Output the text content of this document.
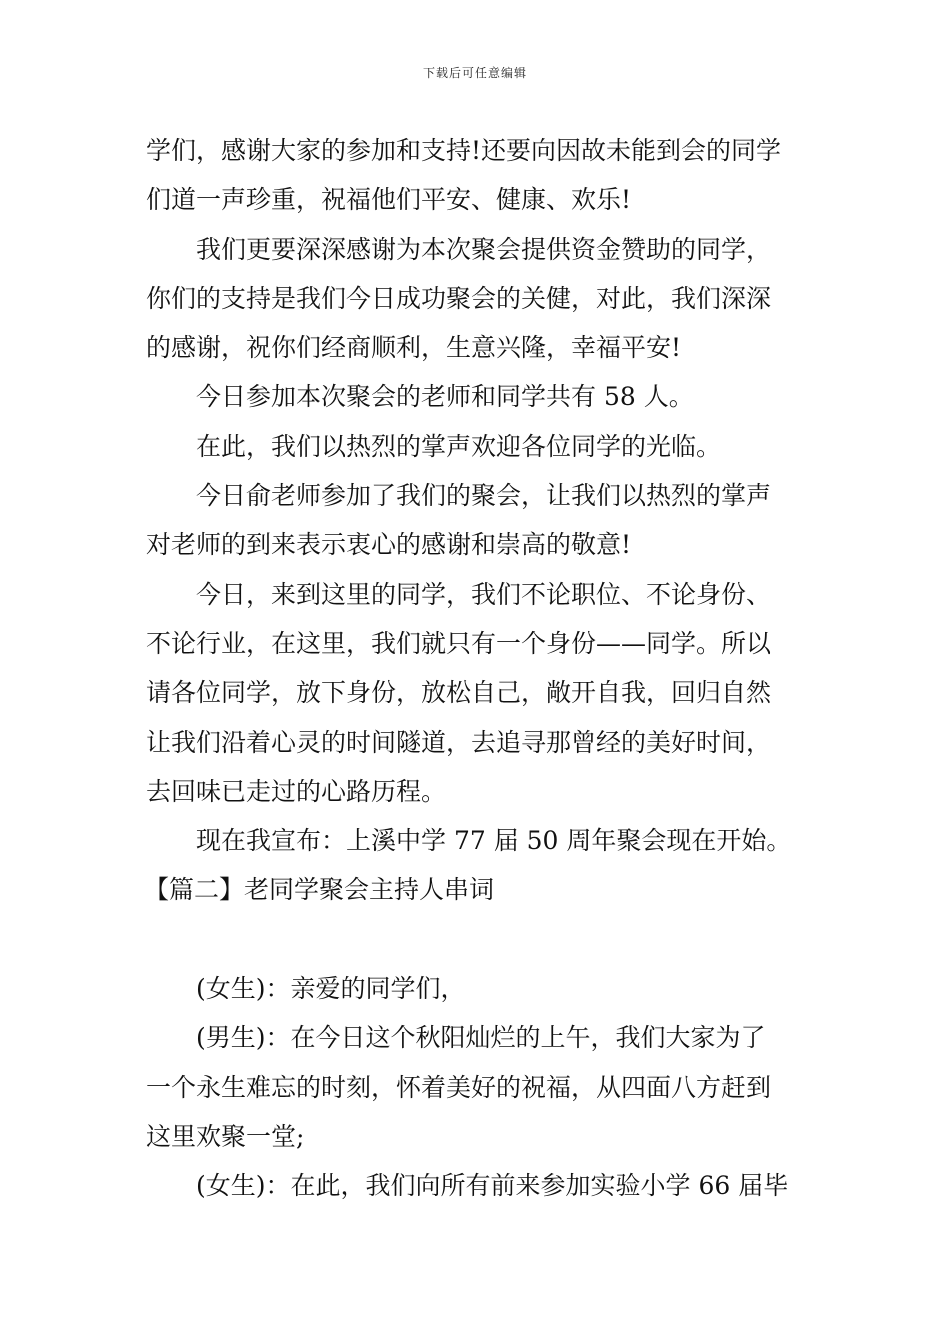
下载后可任意编辑
学们，感谢大家的参加和支持!还要向因故未能到会的同学
们道一声珍重，祝福他们平安、健康、欢乐!
我们更要深深感谢为本次聚会提供资金赞助的同学，
你们的支持是我们今日成功聚会的关健，对此，我们深深
的感谢，祝你们经商顺利，生意兴隆，幸福平安!
今日参加本次聚会的老师和同学共有 58 人。
在此，我们以热烈的掌声欢迎各位同学的光临。
今日俞老师参加了我们的聚会，让我们以热烈的掌声
对老师的到来表示衷心的感谢和崇高的敬意!
今日，来到这里的同学，我们不论职位、不论身份、
不论行业，在这里，我们就只有一个身份——同学。所以
请各位同学，放下身份，放松自己，敞开自我，回归自然
让我们沿着心灵的时间隧道，去追寻那曾经的美好时间，
去回味已走过的心路历程。
现在我宣布：上溪中学 77 届 50 周年聚会现在开始。
【篇二】老同学聚会主持人串词
(女生)：亲爱的同学们，
(男生)：在今日这个秋阳灿烂的上午，我们大家为了
一个永生难忘的时刻，怀着美好的祝福，从四面八方赶到
这里欢聚一堂;
(女生)：在此，我们向所有前来参加实验小学 66 届毕
